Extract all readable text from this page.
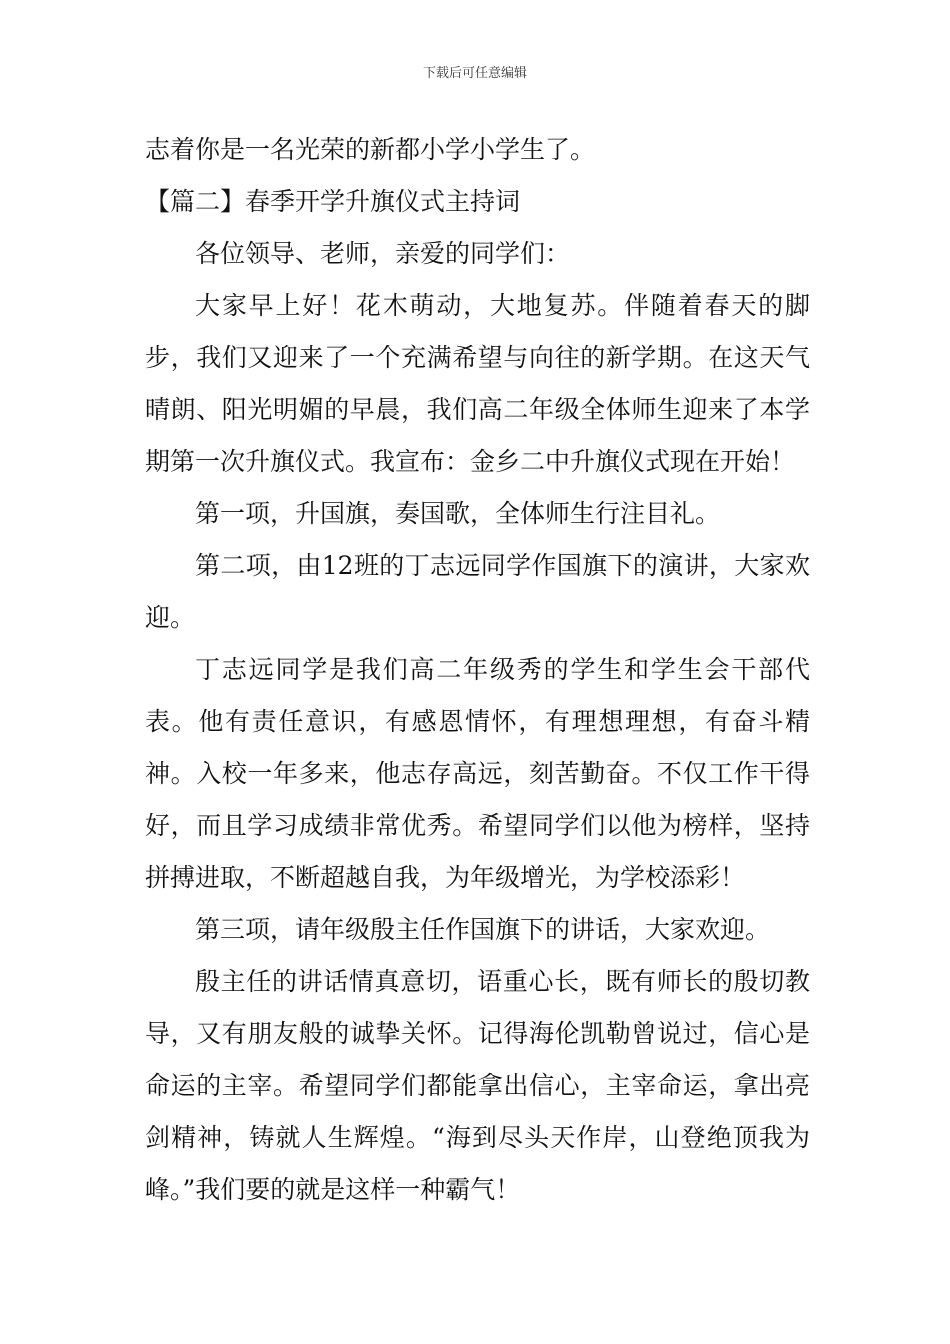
下载后可任意编辑

志着你是一名光荣的新都小学小学生了。

【篇二】春季开学升旗仪式主持词

各位领导、老师，亲爱的同学们：

大家早上好！花木萌动，大地复苏。伴随着春天的脚步，我们又迎来了一个充满希望与向往的新学期。在这天气晴朗、阳光明媚的早晨，我们高二年级全体师生迎来了本学期第一次升旗仪式。我宣布：金乡二中升旗仪式现在开始！

第一项，升国旗，奏国歌，全体师生行注目礼。

第二项，由12班的丁志远同学作国旗下的演讲，大家欢迎。

丁志远同学是我们高二年级秀的学生和学生会干部代表。他有责任意识，有感恩情怀，有理想理想，有奋斗精神。入校一年多来，他志存高远，刻苦勤奋。不仅工作干得好，而且学习成绩非常优秀。希望同学们以他为榜样，坚持拼搏进取，不断超越自我，为年级增光，为学校添彩！

第三项，请年级殷主任作国旗下的讲话，大家欢迎。

殷主任的讲话情真意切，语重心长，既有师长的殷切教导，又有朋友般的诚挚关怀。记得海伦凯勒曾说过，信心是命运的主宰。希望同学们都能拿出信心，主宰命运，拿出亮剑精神，铸就人生辉煌。“海到尽头天作岸，山登绝顶我为峰。”我们要的就是这样一种霸气！
